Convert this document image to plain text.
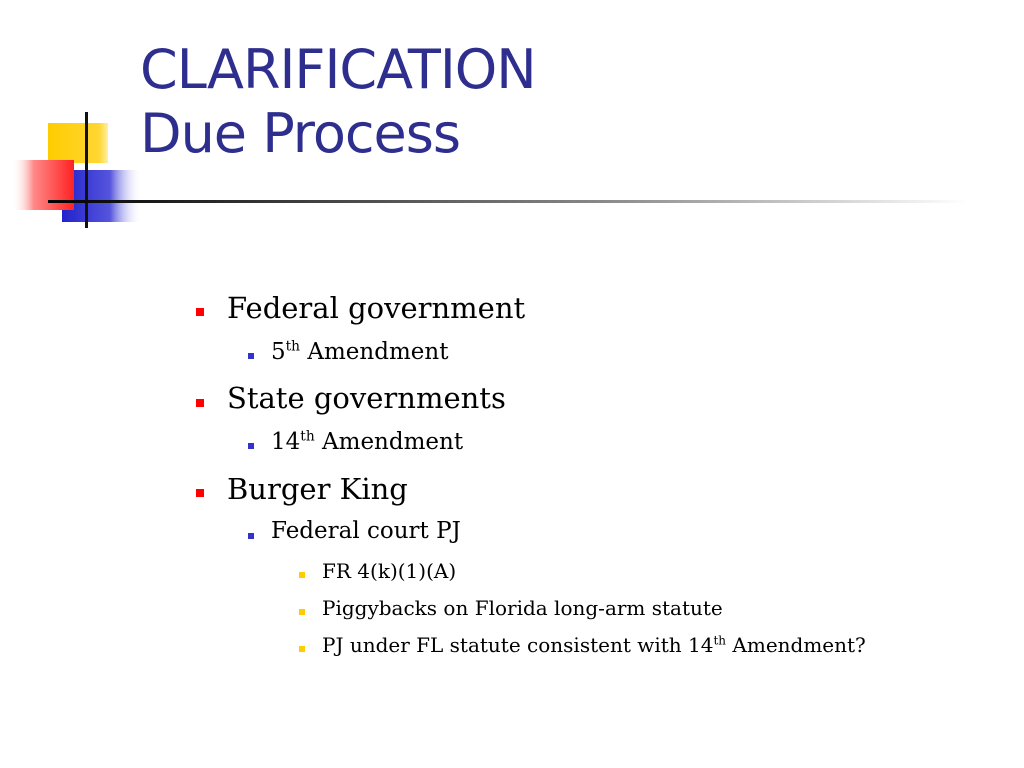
CLARIFICATION
Due Process
Federal government
5th Amendment
State governments
14th Amendment
Burger King
Federal court PJ
FR 4(k)(1)(A)
Piggybacks on Florida long-arm statute
PJ under FL statute consistent with 14th Amendment?
